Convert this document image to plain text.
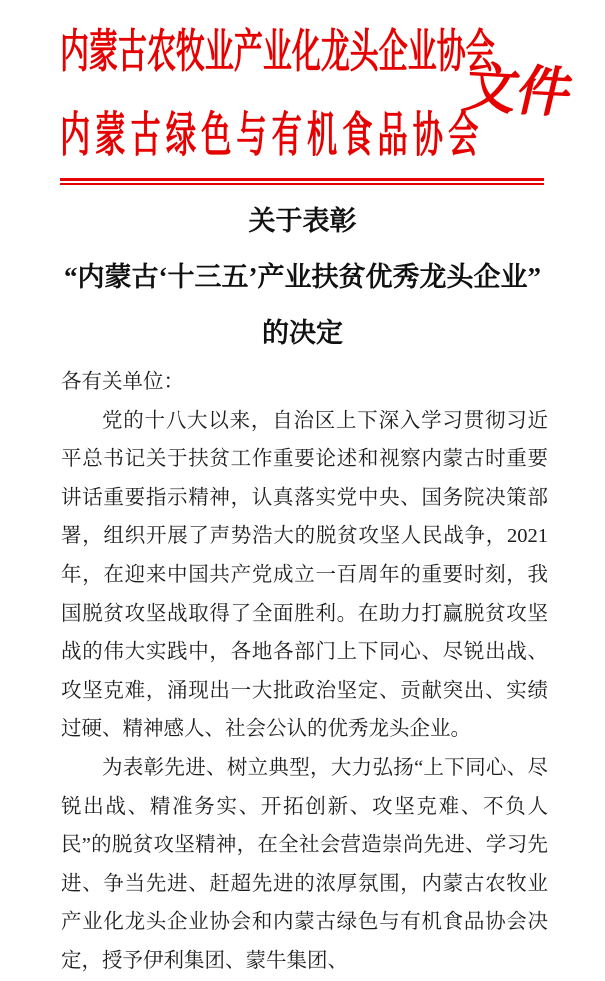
内蒙古农牧业产业化龙头企业协会
内蒙古绿色与有机食品协会
文件
关于表彰
“内蒙古‘十三五’产业扶贫优秀龙头企业”
的决定

各有关单位：

党的十八大以来，自治区上下深入学习贯彻习近平总书记关于扶贫工作重要论述和视察内蒙古时重要讲话重要指示精神，认真落实党中央、国务院决策部署，组织开展了声势浩大的脱贫攻坚人民战争，2021 年，在迎来中国共产党成立一百周年的重要时刻，我国脱贫攻坚战取得了全面胜利。在助力打赢脱贫攻坚战的伟大实践中，各地各部门上下同心、尽锐出战、攻坚克难，涌现出一大批政治坚定、贡献突出、实绩过硬、精神感人、社会公认的优秀龙头企业。

为表彰先进、树立典型，大力弘扬“上下同心、尽锐出战、精准务实、开拓创新、攻坚克难、不负人民”的脱贫攻坚精神，在全社会营造崇尚先进、学习先进、争当先进、赶超先进的浓厚氛围，内蒙古农牧业产业化龙头企业协会和内蒙古绿色与有机食品协会决定，授予伊利集团、蒙牛集团、
